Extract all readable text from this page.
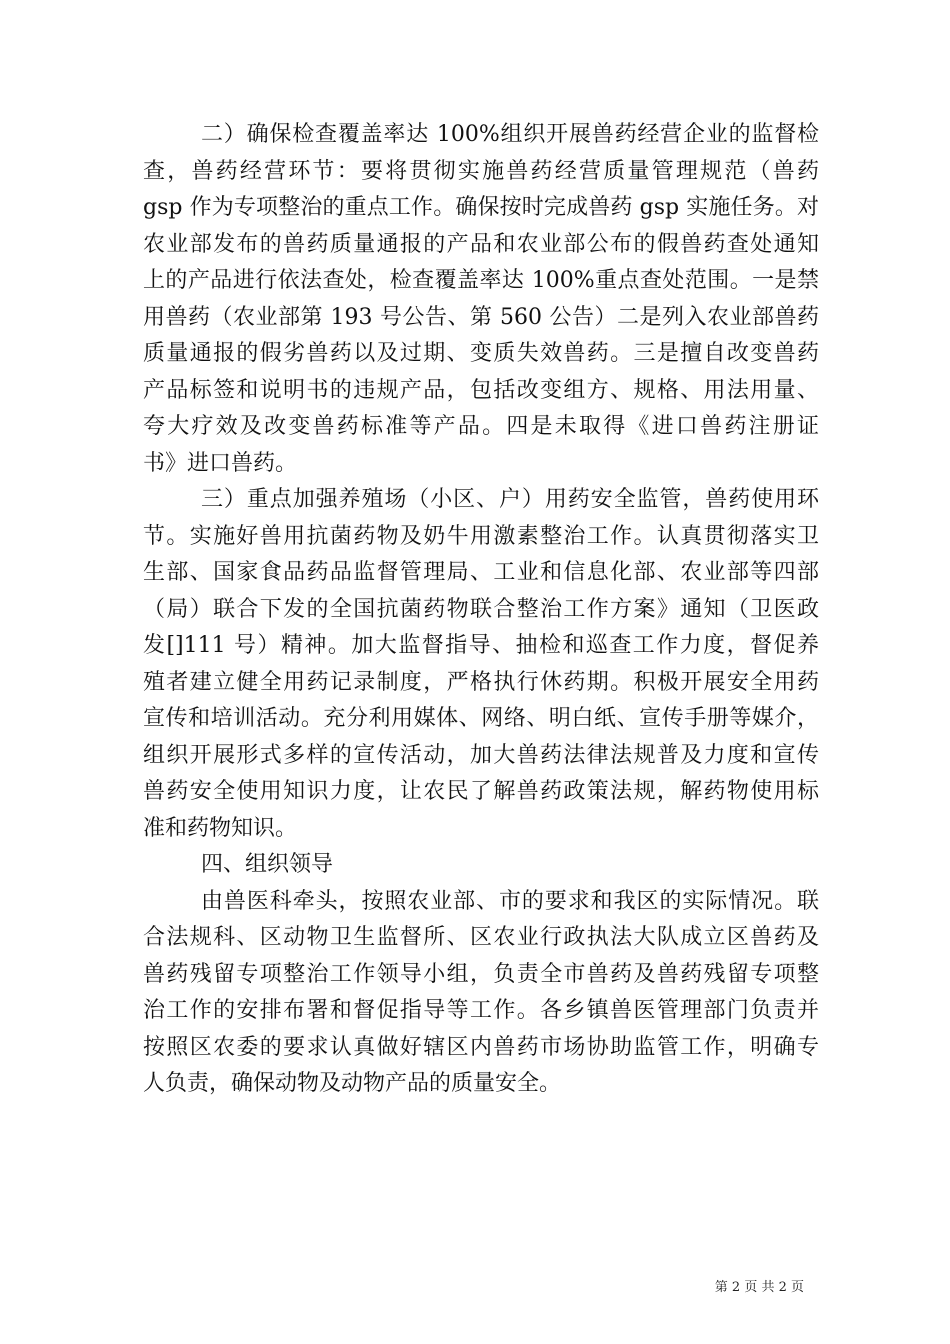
二）确保检查覆盖率达 100%组织开展兽药经营企业的监督检
查，兽药经营环节：要将贯彻实施兽药经营质量管理规范（兽药
gsp 作为专项整治的重点工作。确保按时完成兽药 gsp 实施任务。对
农业部发布的兽药质量通报的产品和农业部公布的假兽药查处通知
上的产品进行依法查处，检查覆盖率达 100%重点查处范围。一是禁
用兽药（农业部第 193 号公告、第 560 公告）二是列入农业部兽药
质量通报的假劣兽药以及过期、变质失效兽药。三是擅自改变兽药
产品标签和说明书的违规产品，包括改变组方、规格、用法用量、
夸大疗效及改变兽药标准等产品。四是未取得《进口兽药注册证
书》进口兽药。
三）重点加强养殖场（小区、户）用药安全监管，兽药使用环
节。实施好兽用抗菌药物及奶牛用激素整治工作。认真贯彻落实卫
生部、国家食品药品监督管理局、工业和信息化部、农业部等四部
（局）联合下发的全国抗菌药物联合整治工作方案》通知（卫医政
发[]111 号）精神。加大监督指导、抽检和巡查工作力度，督促养
殖者建立健全用药记录制度，严格执行休药期。积极开展安全用药
宣传和培训活动。充分利用媒体、网络、明白纸、宣传手册等媒介，
组织开展形式多样的宣传活动，加大兽药法律法规普及力度和宣传
兽药安全使用知识力度，让农民了解兽药政策法规，解药物使用标
准和药物知识。
四、组织领导
由兽医科牵头，按照农业部、市的要求和我区的实际情况。联
合法规科、区动物卫生监督所、区农业行政执法大队成立区兽药及
兽药残留专项整治工作领导小组，负责全市兽药及兽药残留专项整
治工作的安排布署和督促指导等工作。各乡镇兽医管理部门负责并
按照区农委的要求认真做好辖区内兽药市场协助监管工作，明确专
人负责，确保动物及动物产品的质量安全。
第 2 页 共 2 页
